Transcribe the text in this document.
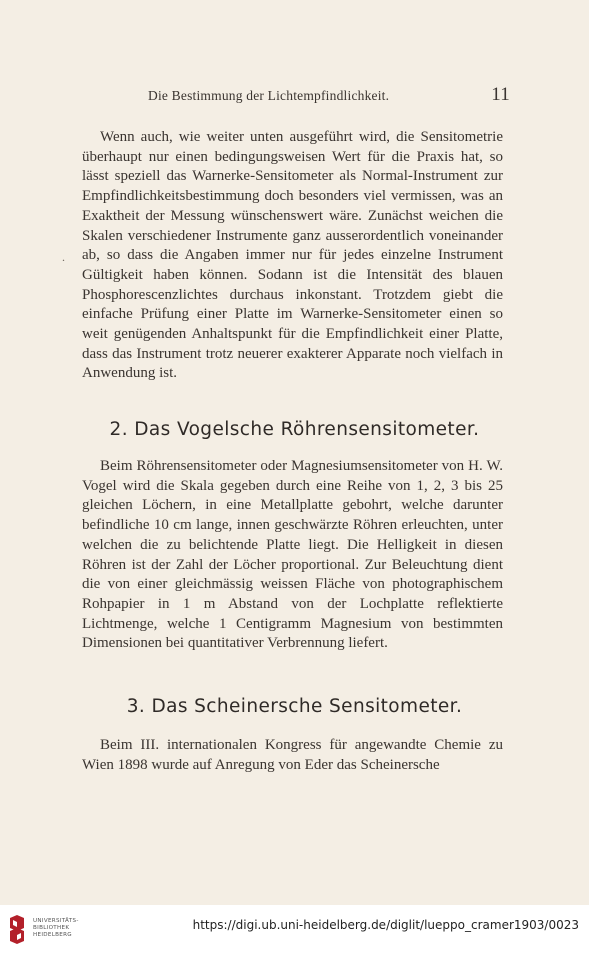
Die Bestimmung der Lichtempfindlichkeit.	11

Wenn auch, wie weiter unten ausgeführt wird, die Sensitometrie überhaupt nur einen bedingungsweisen Wert für die Praxis hat, so lässt speziell das Warnerke-Sensitometer als Normal-Instrument zur Empfindlichkeitsbestimmung doch besonders viel vermissen, was an Exaktheit der Messung wünschenswert wäre. Zunächst weichen die Skalen verschiedener Instrumente ganz ausserordentlich voneinander ab, so dass die Angaben immer nur für jedes einzelne Instrument Gültigkeit haben können. Sodann ist die Intensität des blauen Phosphorescenzlichtes durchaus inkonstant. Trotzdem giebt die einfache Prüfung einer Platte im Warnerke-Sensitometer einen so weit genügenden Anhaltspunkt für die Empfindlichkeit einer Platte, dass das Instrument trotz neuerer exakterer Apparate noch vielfach in Anwendung ist.

.
2. Das Vogelsche Röhrensensitometer.

Beim Röhrensensitometer oder Magnesiumsensitometer von H. W. Vogel wird die Skala gegeben durch eine Reihe von 1, 2, 3 bis 25 gleichen Löchern, in eine Metallplatte gebohrt, welche darunter befindliche 10 cm lange, innen geschwärzte Röhren erleuchten, unter welchen die zu belichtende Platte liegt. Die Helligkeit in diesen Röhren ist der Zahl der Löcher proportional. Zur Beleuchtung dient die von einer gleichmässig weissen Fläche von photographischem Rohpapier in 1 m Abstand von der Lochplatte reflektierte Lichtmenge, welche 1 Centigramm Magnesium von bestimmten Dimensionen bei quantitativer Verbrennung liefert.

3. Das Scheinersche Sensitometer.

Beim III. internationalen Kongress für angewandte Chemie zu Wien 1898 wurde auf Anregung von Eder das Scheinersche

UNIVERSITÄTS-
BIBLIOTHEK
HEIDELBERG
https://digi.ub.uni-heidelberg.de/diglit/lueppo_cramer1903/0023
